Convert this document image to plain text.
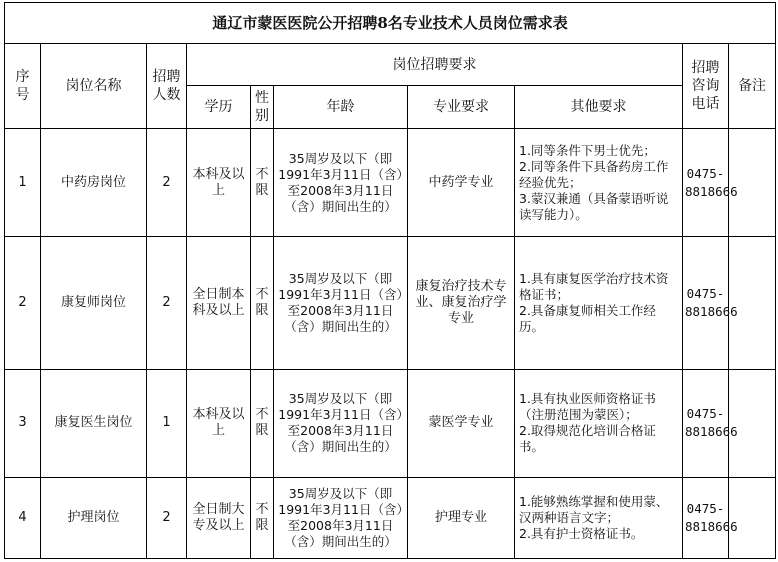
通辽市蒙医医院公开招聘8名专业技术人员岗位需求表									

序
号	岗位名称	招聘
人数	岗位招聘要求					招聘
咨询
电话	备注
			学历	性
别	年龄	专业要求	其他要求		
1	中药房岗位	2	本科及以上	不限	35周岁及以下（即1991年3月11日（含）至2008年3月11日（含）期间出生的）	中药学专业	1.同等条件下男士优先；
2.同等条件下具备药房工作经验优先；
3.蒙汉兼通（具备蒙语听说读写能力）。	0475-8818666	
2	康复师岗位	2	全日制本科及以上	不限	35周岁及以下（即1991年3月11日（含）至2008年3月11日（含）期间出生的）	康复治疗技术专业、康复治疗学专业	1.具有康复医学治疗技术资格证书；
2.具备康复师相关工作经历。	0475-8818666	
3	康复医生岗位	1	本科及以上	不限	35周岁及以下（即1991年3月11日（含）至2008年3月11日（含）期间出生的）	蒙医学专业	1.具有执业医师资格证书（注册范围为蒙医）；
2.取得规范化培训合格证书。	0475-8818666	
4	护理岗位	2	全日制大专及以上	不限	35周岁及以下（即1991年3月11日（含）至2008年3月11日（含）期间出生的）	护理专业	1.能够熟练掌握和使用蒙、汉两种语言文字；
2.具有护士资格证书。	0475-8818666	
